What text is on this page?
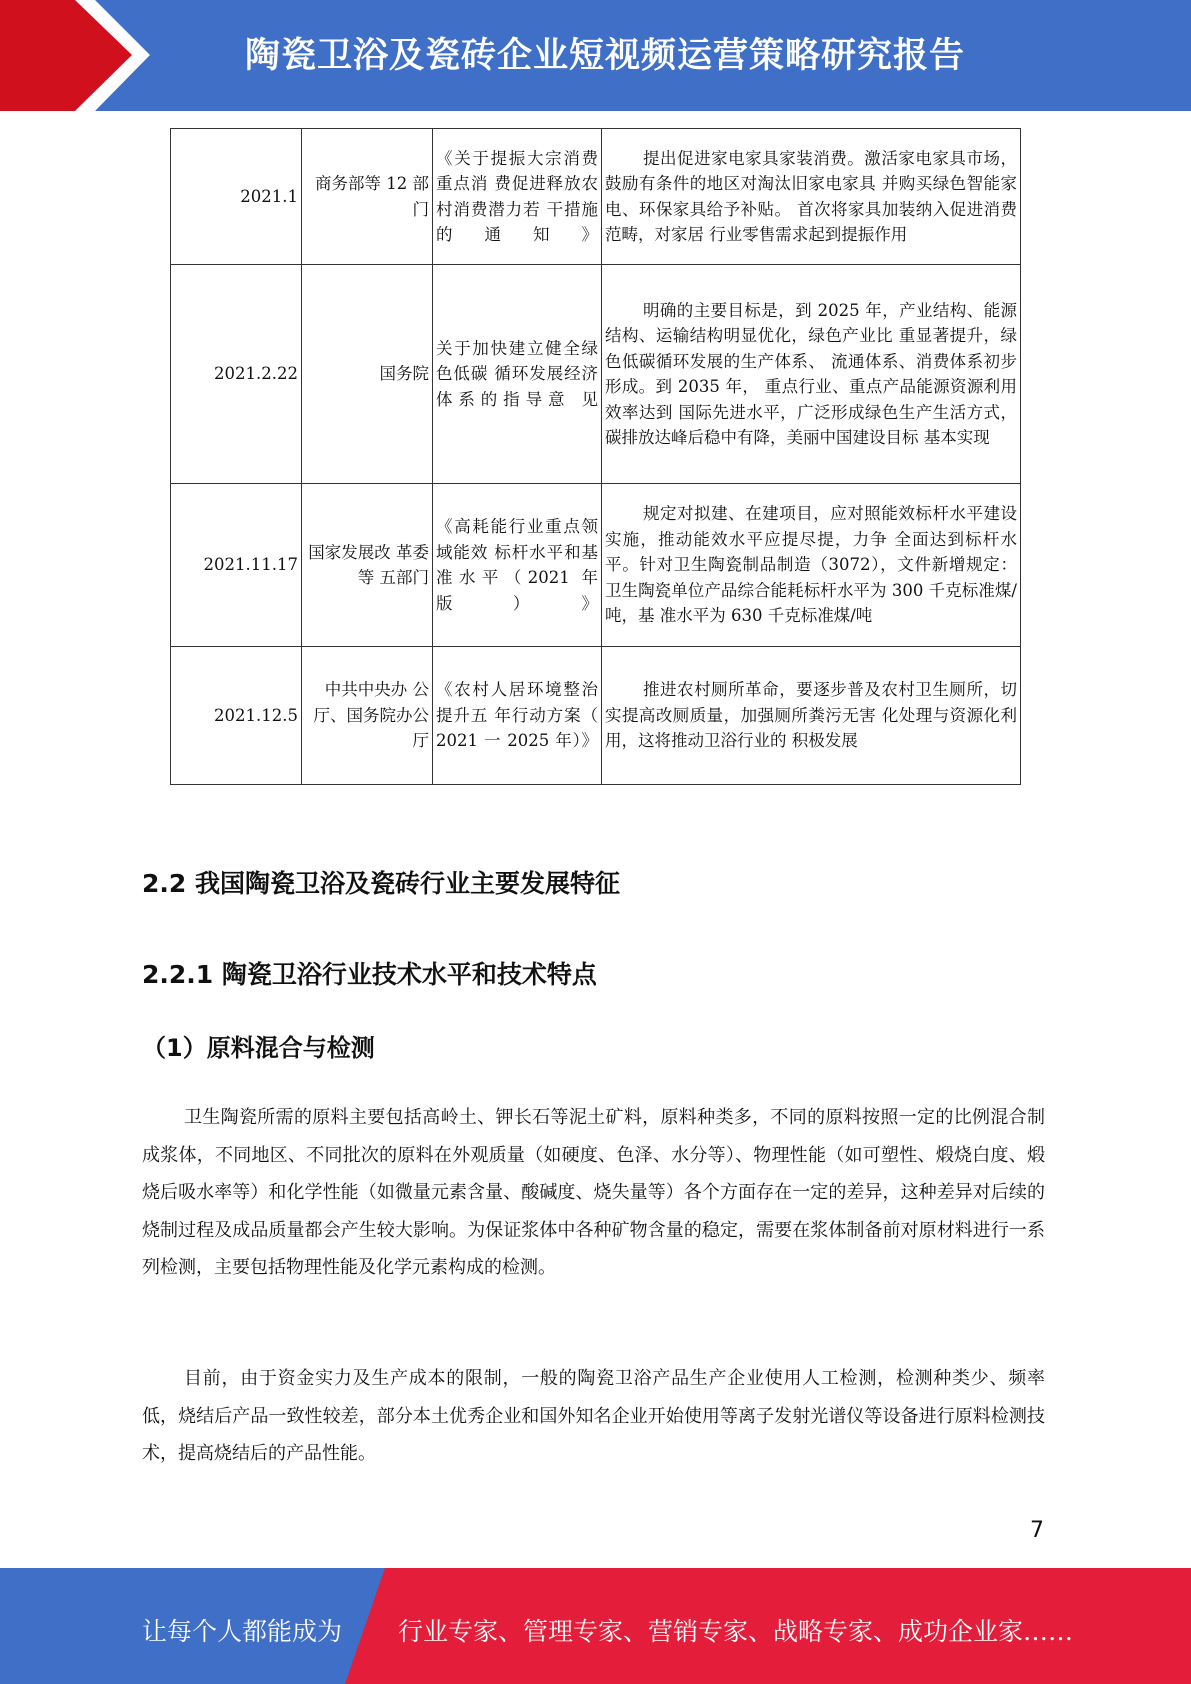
陶瓷卫浴及瓷砖企业短视频运营策略研究报告
2021.1	商务部等 12 部门	《关于提振大宗消费重点消 费促进释放农 村消费潜力若 干措施的通知》	提出促进家电家具家装消费。激活家电家具市场，鼓励有条件的地区对淘汰旧家电家具 并购买绿色智能家电、环保家具给予补贴。 首次将家具加装纳入促进消费范畴，对家居 行业零售需求起到提振作用

2021.2.22	国务院	关于加快建立健全绿色低碳 循环发展经济 体系的指导意 见	明确的主要目标是，到 2025 年，产业结构、能源结构、运输结构明显优化，绿色产业比 重显著提升，绿色低碳循环发展的生产体系、 流通体系、消费体系初步形成。到 2035 年， 重点行业、重点产品能源资源利用效率达到 国际先进水平，广泛形成绿色生产生活方式， 碳排放达峰后稳中有降，美丽中国建设目标 基本实现

2021.11.17	国家发展改 革委等 五部门	《高耗能行业重点领域能效 标杆水平和基 准水平（2021 年 版）》	规定对拟建、在建项目，应对照能效标杆水平建设实施，推动能效水平应提尽提，力争 全面达到标杆水平。针对卫生陶瓷制品制造（3072），文件新增规定：卫生陶瓷单位产品综合能耗标杆水平为 300 千克标准煤/吨，基 准水平为 630 千克标准煤/吨

2021.12.5	中共中央办 公厅、国务院办公厅	《农村人居环境整治提升五 年行动方案（ 2021 一 2025 年）》	推进农村厕所革命，要逐步普及农村卫生厕所，切实提高改厕质量，加强厕所粪污无害 化处理与资源化利用，这将推动卫浴行业的 积极发展
2.2 我国陶瓷卫浴及瓷砖行业主要发展特征
2.2.1 陶瓷卫浴行业技术水平和技术特点
（1）原料混合与检测

卫生陶瓷所需的原料主要包括高岭土、钾长石等泥土矿料，原料种类多，不同的原料按照一定的比例混合制成浆体，不同地区、不同批次的原料在外观质量（如硬度、色泽、水分等）、物理性能（如可塑性、煅烧白度、煅烧后吸水率等）和化学性能（如微量元素含量、酸碱度、烧失量等）各个方面存在一定的差异，这种差异对后续的烧制过程及成品质量都会产生较大影响。为保证浆体中各种矿物含量的稳定，需要在浆体制备前对原材料进行一系列检测，主要包括物理性能及化学元素构成的检测。

目前，由于资金实力及生产成本的限制，一般的陶瓷卫浴产品生产企业使用人工检测，检测种类少、频率低，烧结后产品一致性较差，部分本土优秀企业和国外知名企业开始使用等离子发射光谱仪等设备进行原料检测技术，提高烧结后的产品性能。

7
让每个人都能成为 行业专家、管理专家、营销专家、战略专家、成功企业家……
